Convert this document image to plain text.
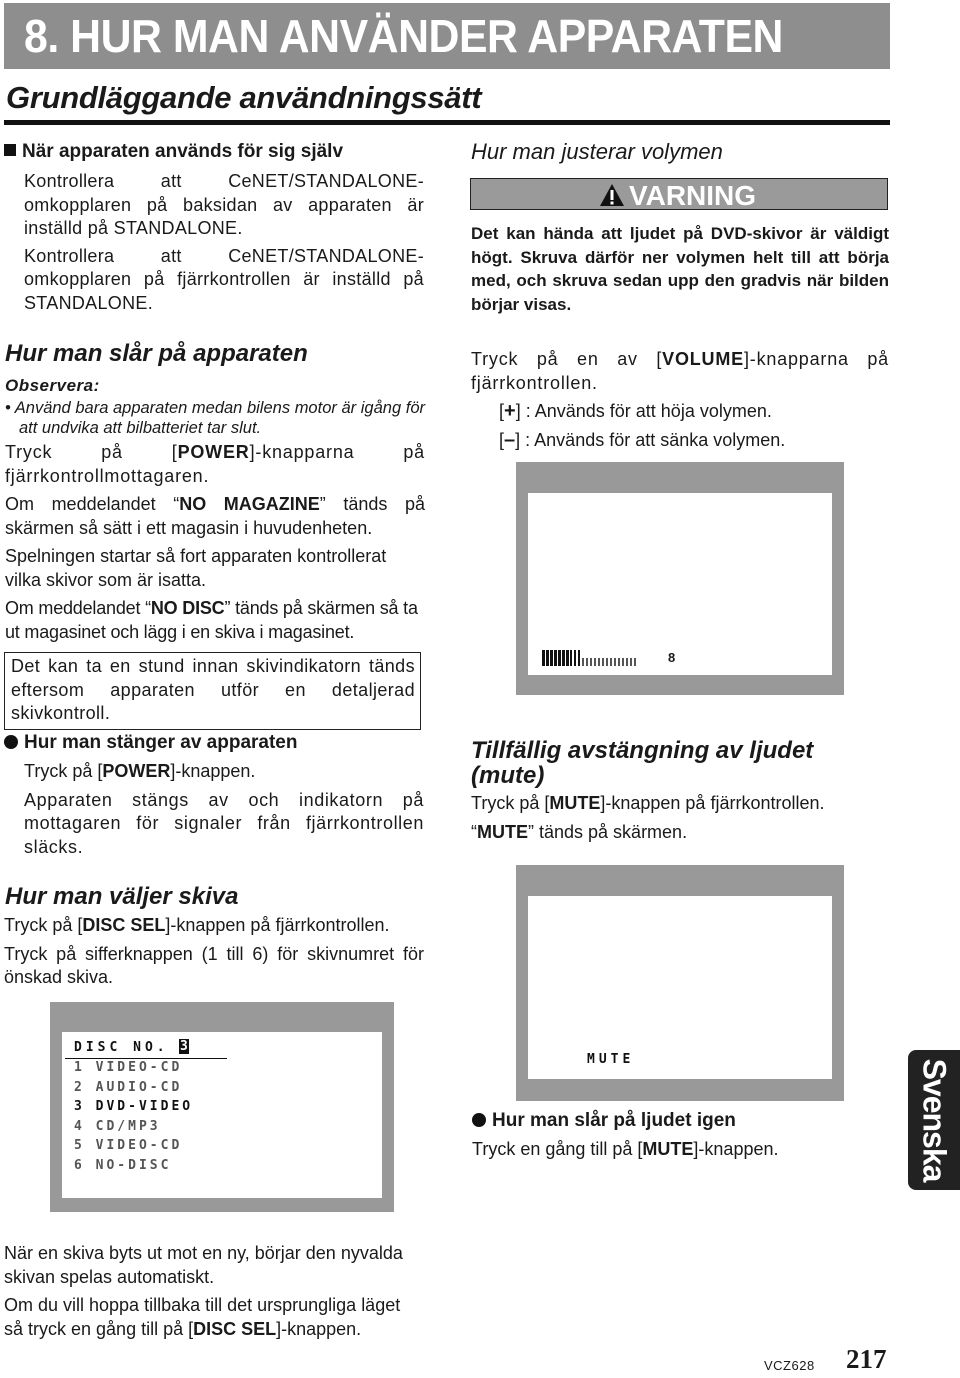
8. HUR MAN ANVÄNDER APPARATEN
Grundläggande användningssätt
När apparaten används för sig själv
Kontrollera att CeNET/STANDALONE-omkopplaren på baksidan av apparaten är inställd på STANDALONE.
Kontrollera att CeNET/STANDALONE-omkopplaren på fjärrkontrollen är inställd på STANDALONE.
Hur man slår på apparaten
Observera:
• Använd bara apparaten medan bilens motor är igång för att undvika att bilbatteriet tar slut.
Tryck på [POWER]-knapparna på fjärrkontrollmottagaren.
Om meddelandet “NO MAGAZINE” tänds på skärmen så sätt i ett magasin i huvudenheten.
Spelningen startar så fort apparaten kontrollerat vilka skivor som är isatta.
Om meddelandet “NO DISC” tänds på skärmen så ta ut magasinet och lägg i en skiva i magasinet.
Det kan ta en stund innan skivindikatorn tänds eftersom apparaten utför en detaljerad skivkontroll.
Hur man stänger av apparaten
Tryck på [POWER]-knappen.
Apparaten stängs av och indikatorn på mottagaren för signaler från fjärrkontrollen släcks.
Hur man väljer skiva
Tryck på [DISC SEL]-knappen på fjärrkontrollen.
Tryck på sifferknappen (1 till 6) för skivnumret för önskad skiva.
DISC NO. 3
1 VIDEO-CD
2 AUDIO-CD
3 DVD-VIDEO
4 CD/MP3
5 VIDEO-CD
6 NO-DISC
När en skiva byts ut mot en ny, börjar den nyvalda skivan spelas automatiskt.
Om du vill hoppa tillbaka till det ursprungliga läget så tryck en gång till på [DISC SEL]-knappen.
Hur man justerar volymen
VARNING
Det kan hända att ljudet på DVD-skivor är väldigt högt. Skruva därför ner volymen helt till att börja med, och skruva sedan upp den gradvis när bilden börjar visas.
Tryck på en av [VOLUME]-knapparna på fjärrkontrollen.
[+] : Används för att höja volymen.
[–] : Används för att sänka volymen.
8
Tillfällig avstängning av ljudet (mute)
Tryck på [MUTE]-knappen på fjärrkontrollen.
“MUTE” tänds på skärmen.
MUTE
Hur man slår på ljudet igen
Tryck en gång till på [MUTE]-knappen.	Svenska
VCZ628 217
